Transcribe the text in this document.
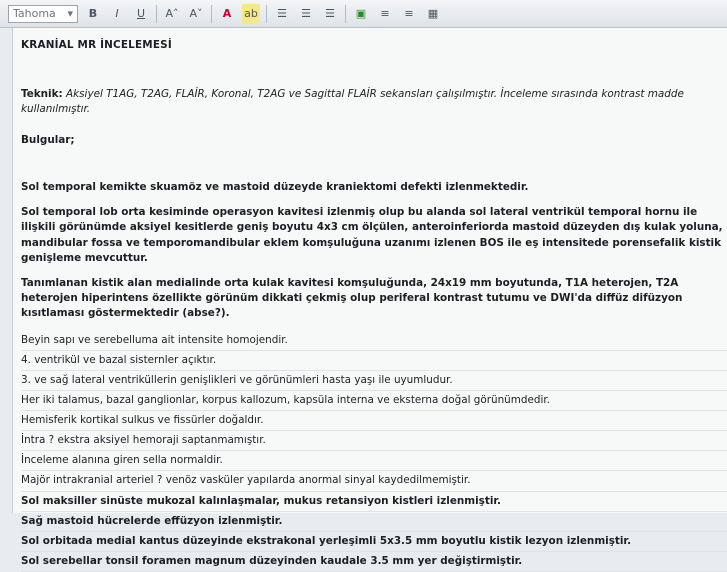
Tahoma ▾	B	I	U	A˄ A˅	A	ab	☰	☰	☰	▣	≡	≡	▦

KRANİAL MR İNCELEMESİ

Teknik: Aksiyel T1AG, T2AG, FLAİR, Koronal, T2AG ve Sagittal FLAİR sekansları çalışılmıştır. İnceleme sırasında kontrast madde kullanılmıştır.

Bulgular;

Sol temporal kemikte skuamöz ve mastoid düzeyde kraniektomi defekti izlenmektedir.

Sol temporal lob orta kesiminde operasyon kavitesi izlenmiş olup bu alanda sol lateral ventrikül temporal hornu ile ilişkili görünümde aksiyel kesitlerde geniş boyutu 4x3 cm ölçülen, anteroinferiorda mastoid düzeyden dış kulak yoluna, mandibular fossa ve temporomandibular eklem komşuluğuna uzanımı izlenen BOS ile eş intensitede porensefalik kistik genişleme mevcuttur.

Tanımlanan kistik alan medialinde orta kulak kavitesi komşuluğunda, 24x19 mm boyutunda, T1A heterojen, T2A heterojen hiperintens özellikte görünüm dikkati çekmiş olup periferal kontrast tutumu ve DWI'da diffüz difüzyon kısıtlaması göstermektedir (abse?).

Beyin sapı ve serebelluma ait intensite homojendir.

4. ventrikül ve bazal sisternler açıktır.

3. ve sağ lateral ventriküllerin genişlikleri ve görünümleri hasta yaşı ile uyumludur.

Her iki talamus, bazal ganglionlar, korpus kallozum, kapsüla interna ve eksterna doğal görünümdedir.

Hemisferik kortikal sulkus ve fissürler doğaldır.

İntra ? ekstra aksiyel hemoraji saptanmamıştır.

İnceleme alanına giren sella normaldir.

Majör intrakranial arteriel ? venöz vasküler yapılarda anormal sinyal kaydedilmemiştir.

Sol maksiller sinüste mukozal kalınlaşmalar, mukus retansiyon kistleri izlenmiştir.

Sağ mastoid hücrelerde effüzyon izlenmiştir.

Sol orbitada medial kantus düzeyinde ekstrakonal yerleşimli 5x3.5 mm boyutlu kistik lezyon izlenmiştir.

Sol serebellar tonsil foramen magnum düzeyinden kaudale 3.5 mm yer değiştirmiştir.
